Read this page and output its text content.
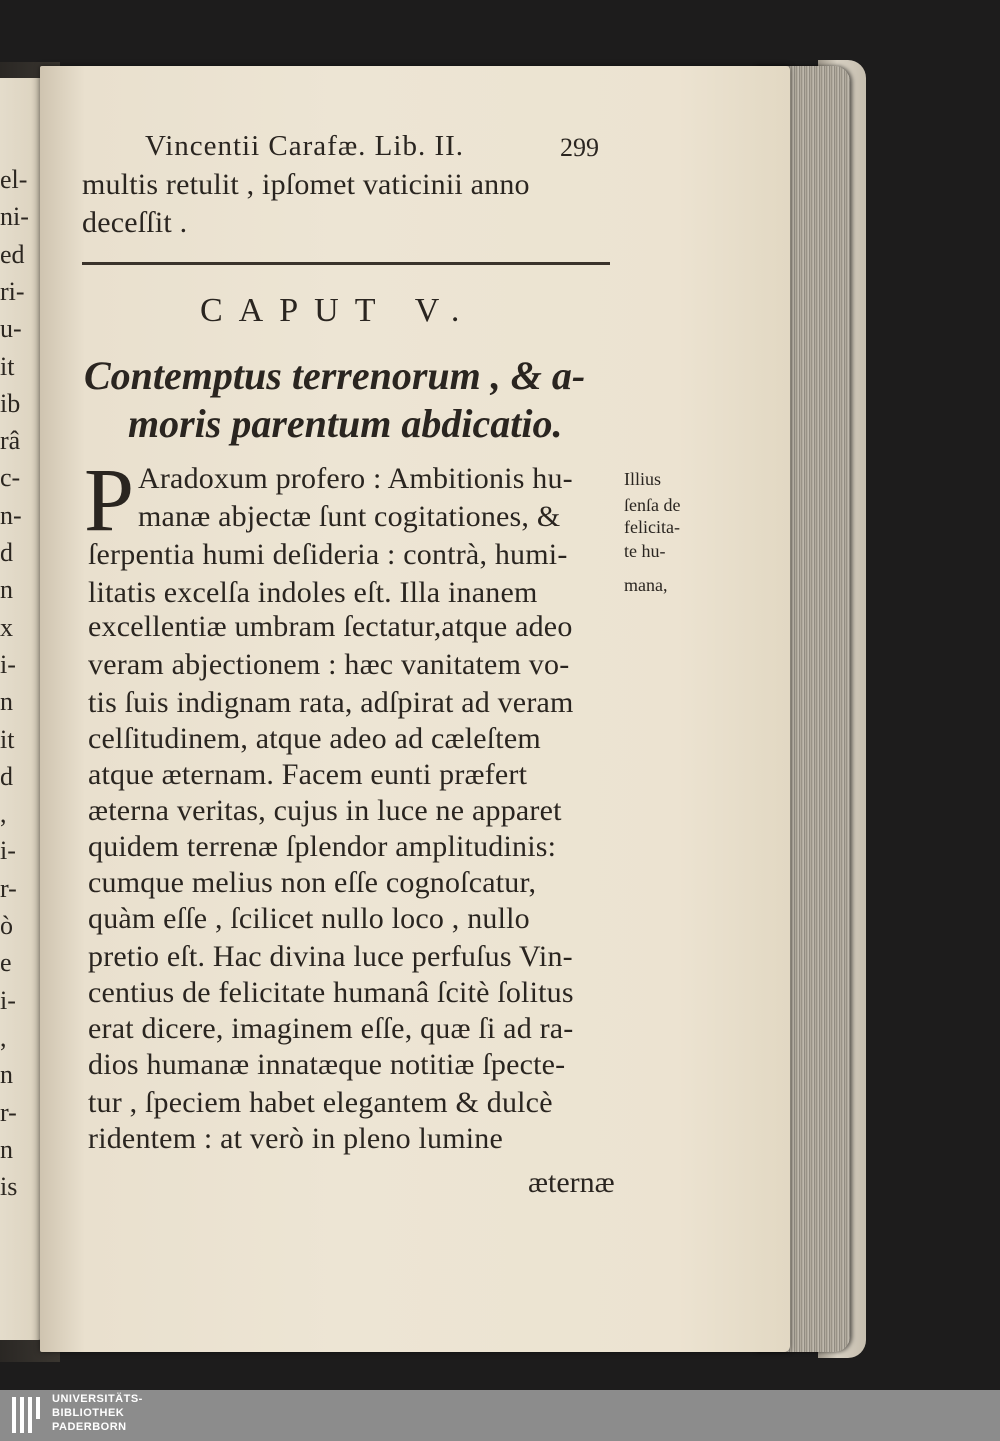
Vincentii Carafæ. Lib. II.	299
multis retulit , ipſomet vaticinii anno
deceſſit .
CAPUT V.
Contemptus terrenorum , & a-
moris parentum abdicatio.
P Aradoxum profero : Ambitionis hu-
manæ abjectæ ſunt cogitationes, &
ſerpentia humi deſideria : contrà, humi-
litatis excelſa indoles eſt. Illa inanem
excellentiæ umbram ſectatur,atque adeo
veram abjectionem : hæc vanitatem vo-
tis ſuis indignam rata, adſpirat ad veram
celſitudinem, atque adeo ad cæleſtem
atque æternam. Facem eunti præfert
æterna veritas, cujus in luce ne apparet
quidem terrenæ ſplendor amplitudinis:
cumque melius non eſſe cognoſcatur,
quàm eſſe , ſcilicet nullo loco , nullo
pretio eſt. Hac divina luce perfuſus Vin-
centius de felicitate humanâ ſcitè ſolitus
erat dicere, imaginem eſſe, quæ ſi ad ra-
dios humanæ innatæque notitiæ ſpecte-
tur , ſpeciem habet elegantem & dulcè
ridentem : at verò in pleno lumine
æternæ
Illius
ſenſa de
felicita-
te hu-
mana,
el-
ni-
ed
ri-
u-
it
ib
râ
c-
n-
d
n
x
i-
n
it
d
,
i-
r-
ò
e
i-
,
n
r-
n
is
UNIVERSITÄTS-
BIBLIOTHEK
PADERBORN
